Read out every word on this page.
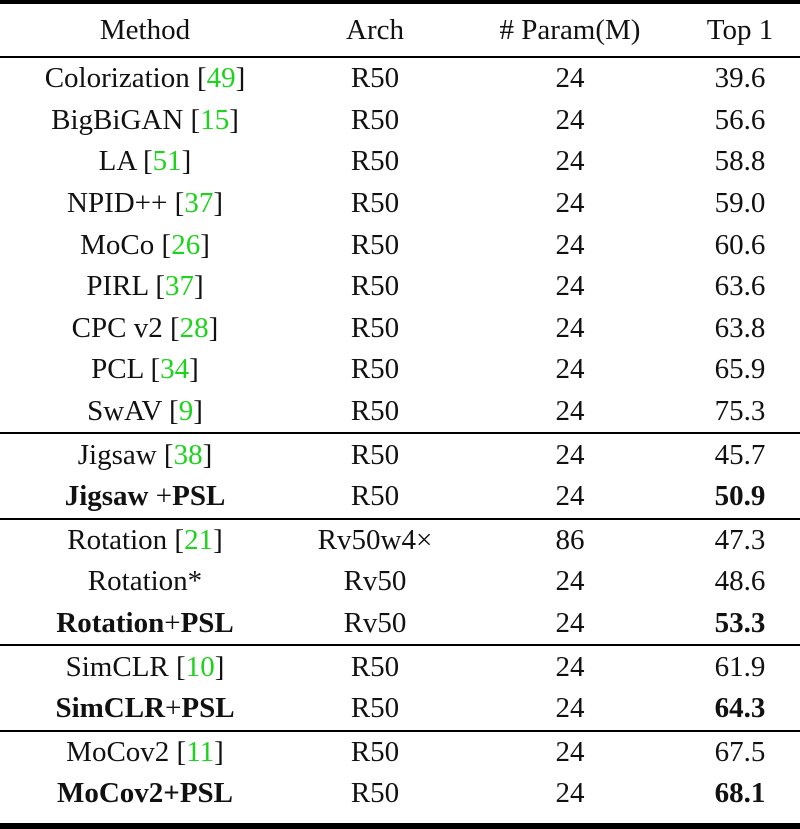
Method	Arch	# Param(M)	Top 1
Colorization [49]	R50	24	39.6
BigBiGAN [15]	R50	24	56.6
LA [51]	R50	24	58.8
NPID++ [37]	R50	24	59.0
MoCo [26]	R50	24	60.6
PIRL [37]	R50	24	63.6
CPC v2 [28]	R50	24	63.8
PCL [34]	R50	24	65.9
SwAV [9]	R50	24	75.3
Jigsaw [38]	R50	24	45.7
Jigsaw +PSL	R50	24	50.9
Rotation [21]	Rv50w4×	86	47.3
Rotation*	Rv50	24	48.6
Rotation+PSL	Rv50	24	53.3
SimCLR [10]	R50	24	61.9
SimCLR+PSL	R50	24	64.3
MoCov2 [11]	R50	24	67.5
MoCov2+PSL	R50	24	68.1
